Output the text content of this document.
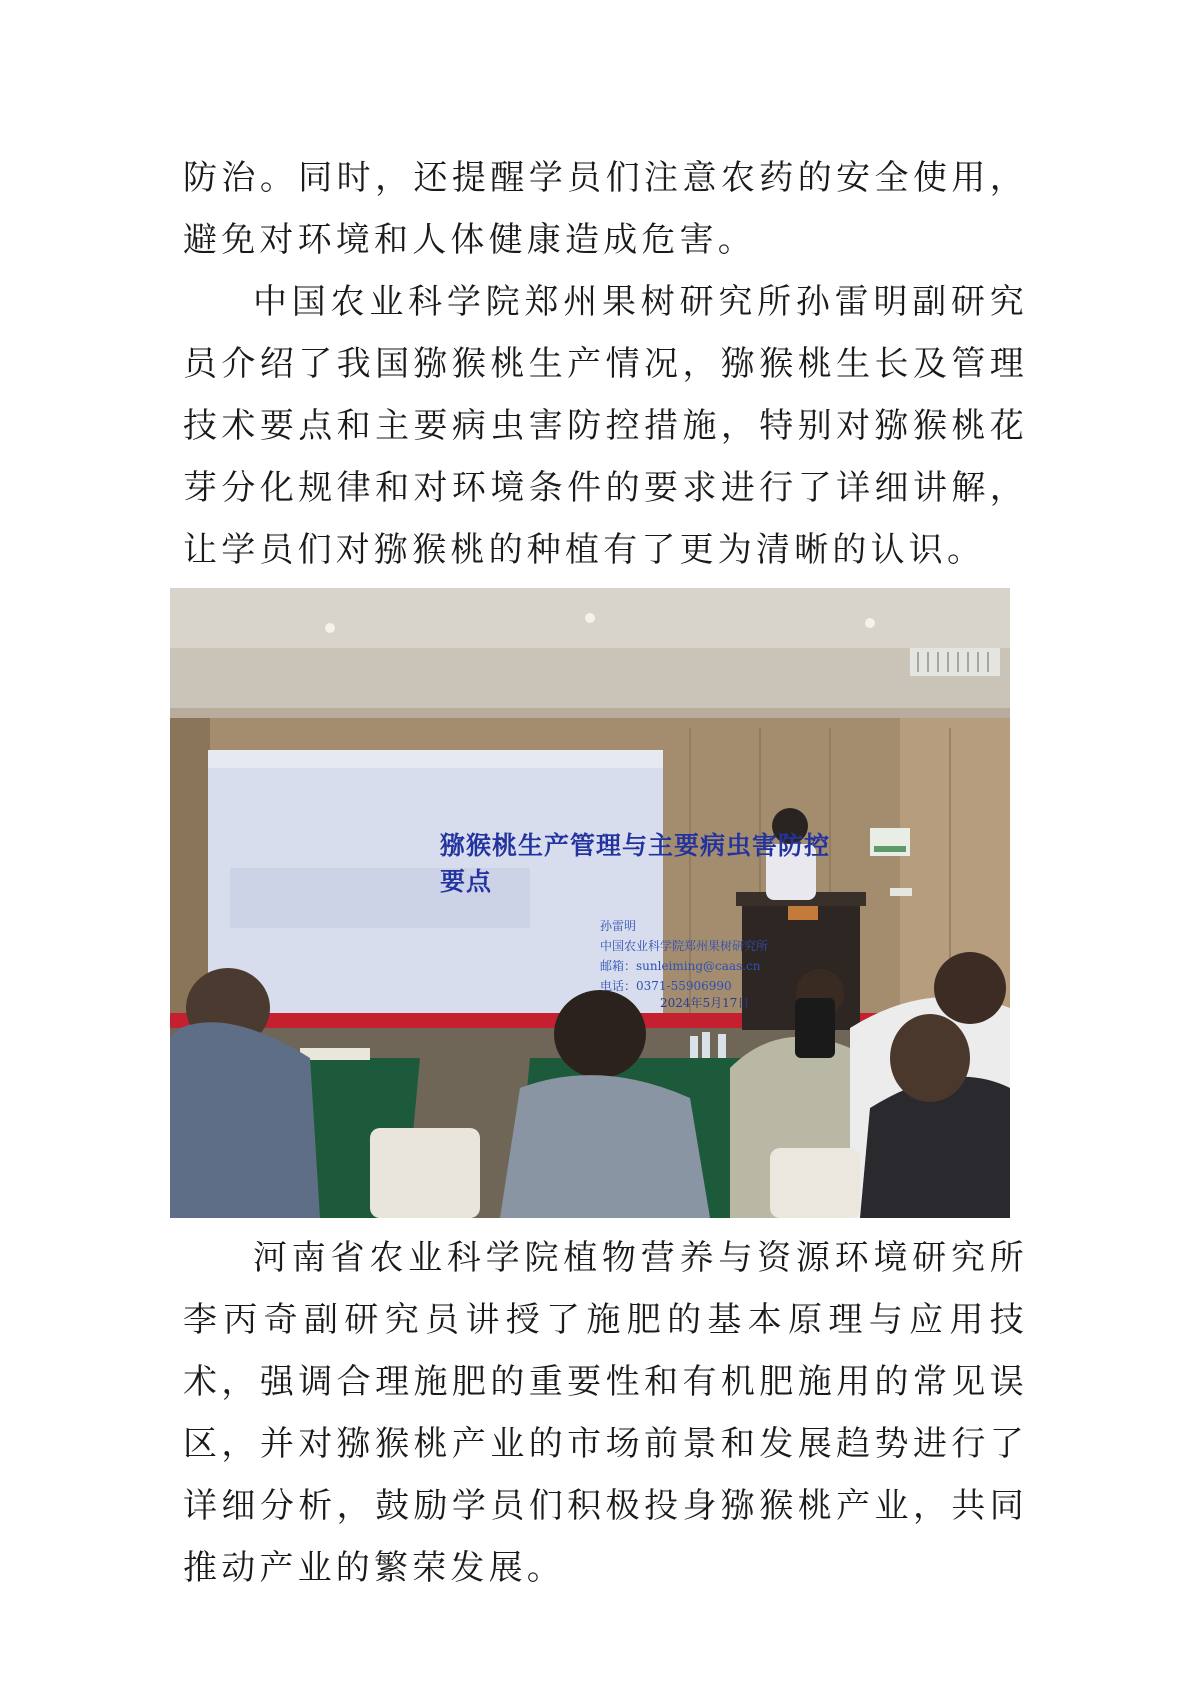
防治。同时，还提醒学员们注意农药的安全使用，避免对环境和人体健康造成危害。

中国农业科学院郑州果树研究所孙雷明副研究员介绍了我国猕猴桃生产情况，猕猴桃生长及管理技术要点和主要病虫害防控措施，特别对猕猴桃花芽分化规律和对环境条件的要求进行了详细讲解，让学员们对猕猴桃的种植有了更为清晰的认识。

猕猴桃生产管理与主要病虫害防控要点
孙雷明
中国农业科学院郑州果树研究所
邮箱：sunleiming@caas.cn
电话：0371-55906990
2024年5月17日

河南省农业科学院植物营养与资源环境研究所李丙奇副研究员讲授了施肥的基本原理与应用技术，强调合理施肥的重要性和有机肥施用的常见误区，并对猕猴桃产业的市场前景和发展趋势进行了详细分析，鼓励学员们积极投身猕猴桃产业，共同推动产业的繁荣发展。
